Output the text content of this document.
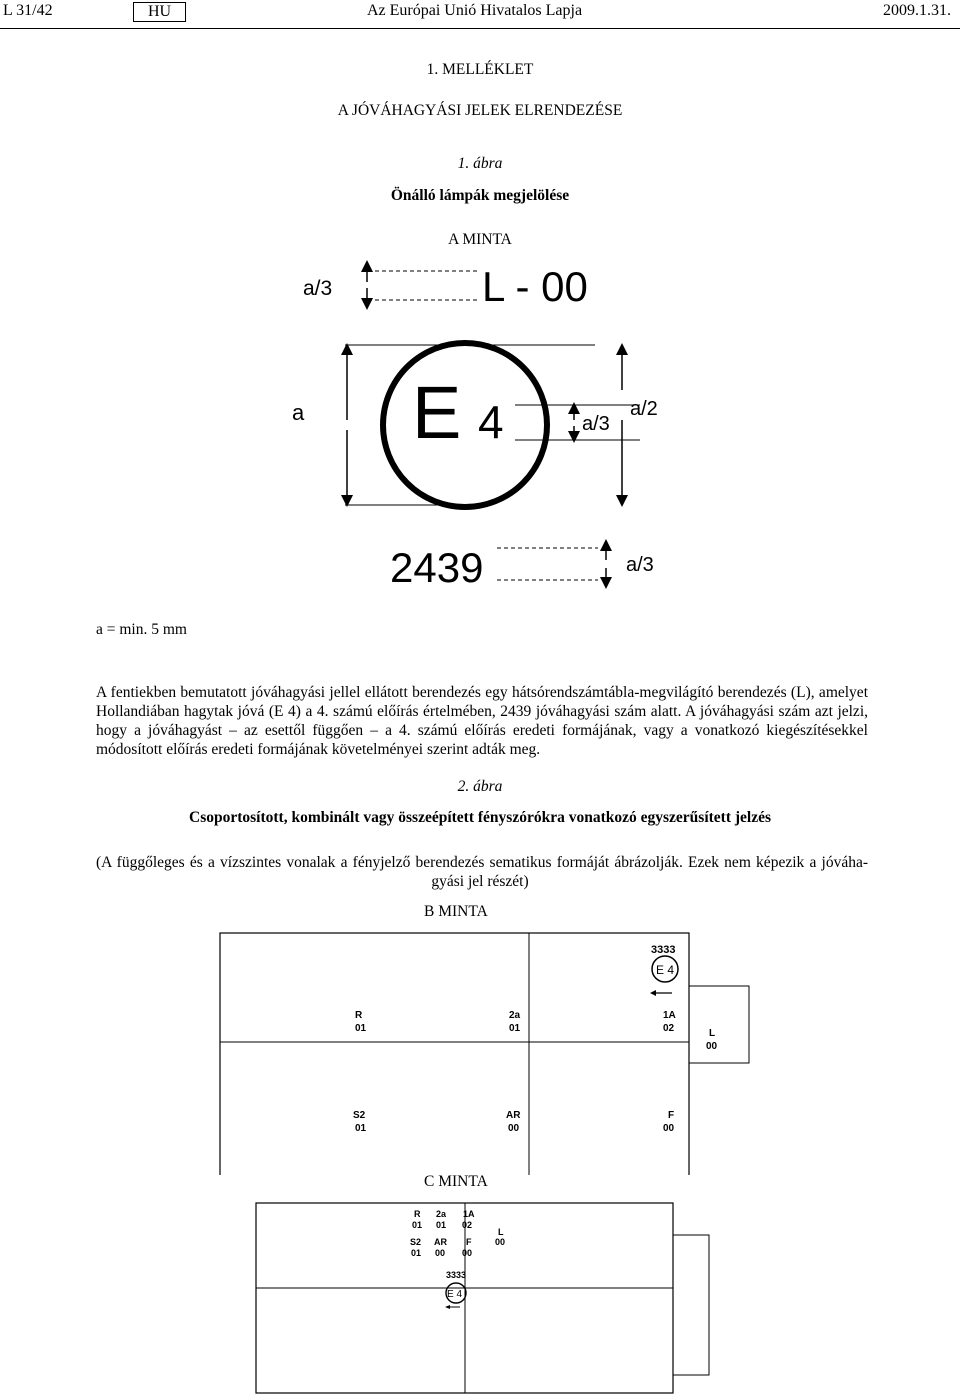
L 31/42	HU	Az Európai Unió Hivatalos Lapja	2009.1.31.
1. MELLÉKLET
A JÓVÁHAGYÁSI JELEK ELRENDEZÉSE
1. ábra
Önálló lámpák megjelölése
A MINTA
a/3	L - 00
a E 4	a/3
a/2
2439	a/3
a = min. 5 mm
A fentiekben bemutatott jóváhagyási jellel ellátott berendezés egy hátsórendszámtábla-megvilágító berendezés (L), amelyet Hollandiában hagytak jóvá (E 4) a 4. számú előírás értelmében, 2439 jóváhagyási szám alatt. A jóváhagyási szám azt jelzi, hogy a jóváhagyást – az esettől függően – a 4. számú előírás eredeti formájának, vagy a vonatkozó kiegészítésekkel módosított előírás eredeti formájának követelményei szerint adták meg.
2. ábra
Csoportosított, kombinált vagy összeépített fényszórókra vonatkozó egyszerűsített jelzés
(A függőleges és a vízszintes vonalak a fényjelző berendezés sematikus formáját ábrázolják. Ezek nem képezik a jóváha-
gyási jel részét)
B MINTA
3333
E 4
R
01
2a
01
1A
02	L
00
S2
01
AR
00
F
00
C MINTA
R 2a 1A
01 01 02
L
00
S2 AR F
01 00 00
3333
E 4
